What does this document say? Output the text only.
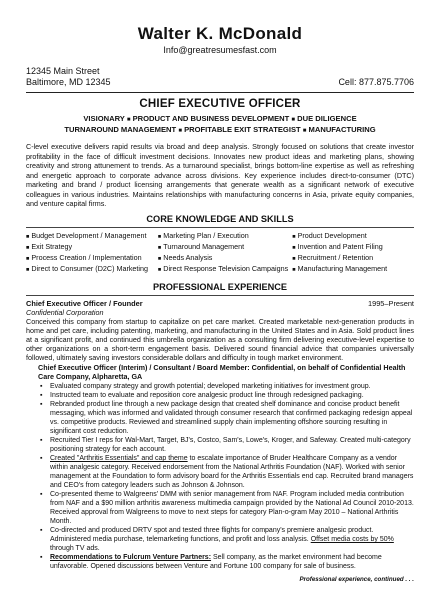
Walter K. McDonald
Info@greatresumesfast.com
12345 Main Street
Baltimore, MD 12345	Cell: 877.875.7706
CHIEF EXECUTIVE OFFICER
VISIONARY ■ PRODUCT AND BUSINESS DEVELOPMENT ■ DUE DILIGENCE
TURNAROUND MANAGEMENT ■ PROFITABLE EXIT STRATEGIST ■ MANUFACTURING
C-level executive delivers rapid results via broad and deep analysis. Strongly focused on solutions that create investor profitability in the face of difficult investment decisions. Innovates new product ideas and marketing plans, showing creativity and strong attunement to trends. As a turnaround specialist, brings bottom-line expertise as well as refreshing and energetic approach to corporate advance across divisions. Key experience includes direct-to-consumer (DTC) marketing and brand / product licensing arrangements that generate wealth as a significant network of executive colleagues in various industries. Maintains relationships with manufacturing concerns in Asia, private equity companies, and venture capital firms.
CORE KNOWLEDGE AND SKILLS
■ Budget Development / Management	■ Marketing Plan / Execution	■ Product Development
■ Exit Strategy	■ Turnaround Management	■ Invention and Patent Filing
■ Process Creation / Implementation	■ Needs Analysis	■ Recruitment / Retention
■ Direct to Consumer (D2C) Marketing	■ Direct Response Television Campaigns ■ Manufacturing Management
PROFESSIONAL EXPERIENCE
Chief Executive Officer / Founder	1995–Present
Confidential Corporation
Conceived this company from startup to capitalize on pet care market. Created marketable next-generation products in home and pet care, including patenting, marketing, and manufacturing in the United States and in Asia. Sold product lines at a significant profit, and continued this umbrella organization as a consulting firm delivering executive-level expertise to other organizations on a short-term engagement basis. Delivered sound financial advice that companies universally followed, ultimately saving investors considerable dollars and difficulty in tough market environment.
Chief Executive Officer (Interim) / Consultant / Board Member: Confidential, on behalf of Confidential Health Care Company, Alpharetta, GA
▪ Evaluated company strategy and growth potential; developed marketing initiatives for investment group.
▪ Instructed team to evaluate and reposition core analgesic product line through redesigned packaging.
▪ Rebranded product line through a new package design that created shelf dominance and concise product benefit messaging, which was informed and validated through consumer research that confirmed packaging redesign appeal vs. competitive products. Reviewed and streamlined supply chain implementing offshore sourcing resulting in significant cost reduction.
▪ Recruited Tier I reps for Wal-Mart, Target, BJ's, Costco, Sam's, Lowe's, Kroger, and Safeway. Created multi-category positioning strategy for each account.
▪ Created "Arthritis Essentials" and cap theme to escalate importance of Bruder Healthcare Company as a vendor within analgesic category. Received endorsement from the National Arthritis Foundation (NAF). Worked with senior management at the Foundation to form advisory board for the Arthritis Essentials end cap. Recruited brand managers and CEO's from category leaders such as Johnson & Johnson.
▪ Co-presented theme to Walgreens' DMM with senior management from NAF. Program included media contribution from NAF and a $90 million arthritis awareness multimedia campaign provided by the National Ad Council 2010-2013. Received approval from Walgreens to move to next steps for category Plan-o-gram May 2010 – National Arthritis Month.
▪ Co-directed and produced DRTV spot and tested three flights for company's premiere analgesic product. Administered media purchase, telemarketing functions, and profit and loss analysis. Offset media costs by 50% through TV ads.
▪ Recommendations to Fulcrum Venture Partners: Sell company, as the market environment had become unfavorable. Opened discussions between Venture and Fortune 100 company for sale of business.
Professional experience, continued . . .
